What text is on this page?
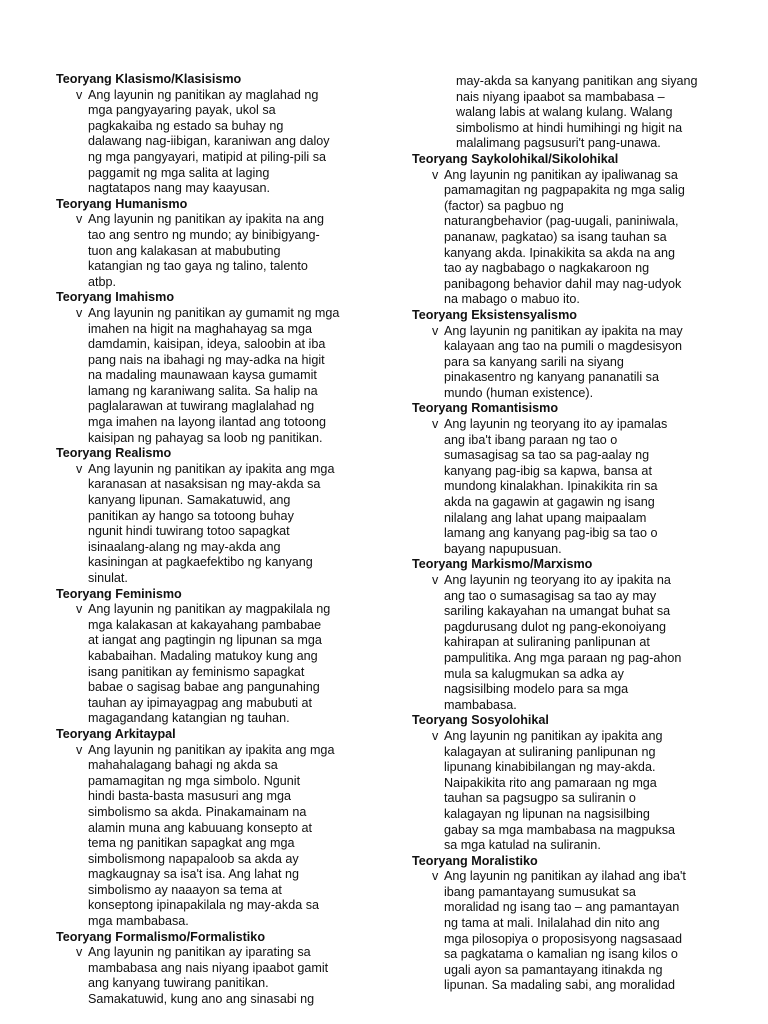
Teoryang Klasismo/Klasisismo
v Ang layunin ng panitikan ay maglahad ng

mga pangyayaring payak, ukol sa

pagkakaiba ng estado sa buhay ng

dalawang nag-iibigan, karaniwan ang daloy

ng mga pangyayari, matipid at piling-pili sa

paggamit ng mga salita at laging

nagtatapos nang may kaayusan.

Teoryang Humanismo
v Ang layunin ng panitikan ay ipakita na ang

tao ang sentro ng mundo; ay binibigyang-

tuon ang kalakasan at mabubuting

katangian ng tao gaya ng talino, talento

atbp.

Teoryang Imahismo
v Ang layunin ng panitikan ay gumamit ng mga

imahen na higit na maghahayag sa mga

damdamin, kaisipan, ideya, saloobin at iba

pang nais na ibahagi ng may-adka na higit

na madaling maunawaan kaysa gumamit

lamang ng karaniwang salita. Sa halip na

paglalarawan at tuwirang maglalahad ng

mga imahen na layong ilantad ang totoong

kaisipan ng pahayag sa loob ng panitikan.

Teoryang Realismo
v Ang layunin ng panitikan ay ipakita ang mga

karanasan at nasaksisan ng may-akda sa

kanyang lipunan. Samakatuwid, ang

panitikan ay hango sa totoong buhay

ngunit hindi tuwirang totoo sapagkat

isinaalang-alang ng may-akda ang

kasiningan at pagkaefektibo ng kanyang

sinulat.

Teoryang Feminismo
v Ang layunin ng panitikan ay magpakilala ng

mga kalakasan at kakayahang pambabae

at iangat ang pagtingin ng lipunan sa mga

kababaihan. Madaling matukoy kung ang

isang panitikan ay feminismo sapagkat

babae o sagisag babae ang pangunahing

tauhan ay ipimayagpag ang mabubuti at

magagandang katangian ng tauhan.

Teoryang Arkitaypal
v Ang layunin ng panitikan ay ipakita ang mga

mahahalagang bahagi ng akda sa

pamamagitan ng mga simbolo. Ngunit

hindi basta-basta masusuri ang mga

simbolismo sa akda. Pinakamainam na

alamin muna ang kabuuang konsepto at

tema ng panitikan sapagkat ang mga

simbolismong napapaloob sa akda ay

magkaugnay sa isa't isa. Ang lahat ng

simbolismo ay naaayon sa tema at

konseptong ipinapakilala ng may-akda sa

mga mambabasa.

Teoryang Formalismo/Formalistiko
v Ang layunin ng panitikan ay iparating sa

mambabasa ang nais niyang ipaabot gamit

ang kanyang tuwirang panitikan.

Samakatuwid, kung ano ang sinasabi ng

may-akda sa kanyang panitikan ang siyang

nais niyang ipaabot sa mambabasa –

walang labis at walang kulang. Walang

simbolismo at hindi humihingi ng higit na

malalimang pagsusuri't pang-unawa.

Teoryang Saykolohikal/Sikolohikal
v Ang layunin ng panitikan ay ipaliwanag sa

pamamagitan ng pagpapakita ng mga salig

(factor) sa pagbuo ng

naturangbehavior (pag-uugali, paniniwala,

pananaw, pagkatao) sa isang tauhan sa

kanyang akda. Ipinakikita sa akda na ang

tao ay nagbabago o nagkakaroon ng

panibagong behavior dahil may nag-udyok

na mabago o mabuo ito.

Teoryang Eksistensyalismo
v Ang layunin ng panitikan ay ipakita na may

kalayaan ang tao na pumili o magdesisyon

para sa kanyang sarili na siyang

pinakasentro ng kanyang pananatili sa

mundo (human existence).

Teoryang Romantisismo
v Ang layunin ng teoryang ito ay ipamalas

ang iba't ibang paraan ng tao o

sumasagisag sa tao sa pag-aalay ng

kanyang pag-ibig sa kapwa, bansa at

mundong kinalakhan. Ipinakikita rin sa

akda na gagawin at gagawin ng isang

nilalang ang lahat upang maipaalam

lamang ang kanyang pag-ibig sa tao o

bayang napupusuan.

Teoryang Markismo/Marxismo
v Ang layunin ng teoryang ito ay ipakita na

ang tao o sumasagisag sa tao ay may

sariling kakayahan na umangat buhat sa

pagdurusang dulot ng pang-ekonoiyang

kahirapan at suliraning panlipunan at

pampulitika. Ang mga paraan ng pag-ahon

mula sa kalugmukan sa adka ay

nagsisilbing modelo para sa mga

mambabasa.

Teoryang Sosyolohikal
v Ang layunin ng panitikan ay ipakita ang

kalagayan at suliraning panlipunan ng

lipunang kinabibilangan ng may-akda.

Naipakikita rito ang pamaraan ng mga

tauhan sa pagsugpo sa suliranin o

kalagayan ng lipunan na nagsisilbing

gabay sa mga mambabasa na magpuksa

sa mga katulad na suliranin.

Teoryang Moralistiko
v Ang layunin ng panitikan ay ilahad ang iba't

ibang pamantayang sumusukat sa

moralidad ng isang tao – ang pamantayan

ng tama at mali. Inilalahad din nito ang

mga pilosopiya o proposisyong nagsasaad

sa pagkatama o kamalian ng isang kilos o

ugali ayon sa pamantayang itinakda ng

lipunan. Sa madaling sabi, ang moralidad
